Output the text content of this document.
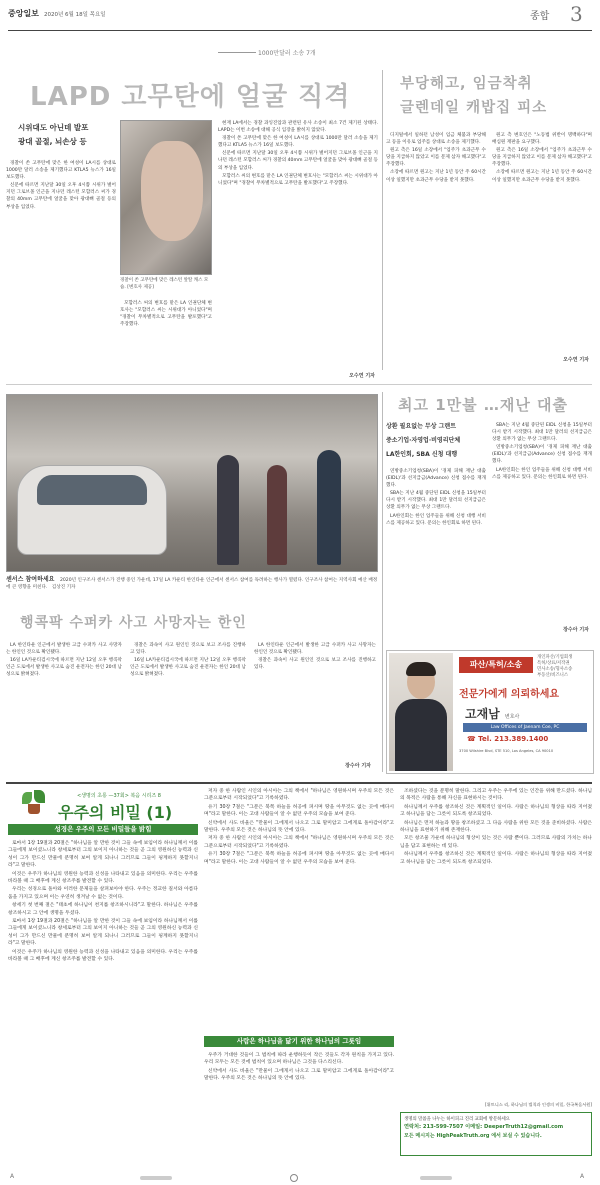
중앙일보 2020년 6월 18일 목요일	종합 3
1000만달러 소송 7개
LAPD 고무탄에 얼굴 직격
시위대도 아닌데 발포
광대 골절, 뇌손상 등

경찰이 쏜 고무탄에 맞은 한 여성이 LA시를 상대로 1000만 달러 소송을 제기했다고 KTLA5 뉴스가 16일 보도했다.

신문에 따르면 지난달 30일 오후 4시쯤 시위가 벌어지던 그로브몰 인근을 지나던 레스턴 모합러스 씨가 경찰의 40mm 고무탄에 얼굴을 맞아 광대뼈 골절 등의 부상을 입었다.

경찰이 쏜 고무탄에 맞은 레스턴 앞딸 캐스 모습. [변호사 제공]

모합러스 씨의 변호를 맡은 LA 인권단체 변호사는 "모합러스 씨는 시위대가 아니었다"며 "경찰이 무차별적으로 고무탄을 발포했다"고 주장했다.

현재 LA에서는 경찰 과잉진압과 관련된 유사 소송이 최소 7건 제기된 상태다. LAPD는 이번 소송에 대해 공식 입장을 밝히지 않았다.

경찰이 쏜 고무탄에 맞은 한 여성이 LA시를 상대로 1000만 달러 소송을 제기했다고 KTLA5 뉴스가 16일 보도했다.

신문에 따르면 지난달 30일 오후 4시쯤 시위가 벌어지던 그로브몰 인근을 지나던 레스턴 모합러스 씨가 경찰의 40mm 고무탄에 얼굴을 맞아 광대뼈 골절 등의 부상을 입었다.

모합러스 씨의 변호를 맡은 LA 인권단체 변호사는 "모합러스 씨는 시위대가 아니었다"며 "경찰이 무차별적으로 고무탄을 발포했다"고 주장했다.

오수연 기자
부당해고, 임금착취
글렌데일 캐밥집 피소

디지털에서 일하던 남성이 임금 체불과 부당해고 등을 이유로 업주를 상대로 소송을 제기했다.

원고 측은 16일 소장에서 "업주가 초과근무 수당을 지급하지 않았고 이를 문제 삼자 해고했다"고 주장했다.

소장에 따르면 원고는 지난 1년 동안 주 60시간 이상 일했지만 초과근무 수당을 받지 못했다.

원고 측 변호인은 "노동법 위반이 명백하다"며 배심원 재판을 요구했다.

원고 측은 16일 소장에서 "업주가 초과근무 수당을 지급하지 않았고 이를 문제 삼자 해고했다"고 주장했다.

소장에 따르면 원고는 지난 1년 동안 주 60시간 이상 일했지만 초과근무 수당을 받지 못했다.

오수연 기자
센서스 참여하세요 2020년 인구조사 센서스가 진행 중인 가운데, 17일 LA 카운티 한인타운 인근에서 센서스 참여를 독려하는 행사가 열렸다. 인구조사 참여는 지역사회 예산 배정에 큰 영향을 미친다. 김상진 기자
행콕팍 수퍼카 사고 사망자는 한인

LA 한인타운 인근에서 발생한 고급 수퍼카 사고 사망자는 한인인 것으로 확인됐다.

16일 LA카운티검시국에 따르면 지난 12일 오후 행콕팍 인근 도로에서 발생한 사고로 숨진 운전자는 한인 20대 남성으로 밝혀졌다.

경찰은 과속이 사고 원인인 것으로 보고 조사를 진행하고 있다.

16일 LA카운티검시국에 따르면 지난 12일 오후 행콕팍 인근 도로에서 발생한 사고로 숨진 운전자는 한인 20대 남성으로 밝혀졌다.

LA 한인타운 인근에서 발생한 고급 수퍼카 사고 사망자는 한인인 것으로 확인됐다.

경찰은 과속이 사고 원인인 것으로 보고 조사를 진행하고 있다.

장수아 기자
최고 1만불 …재난 대출
상환 필요없는 무상 그랜트
중소기업·자영업·비영리단체
LA한인회, SBA 신청 대행

연방중소기업청(SBA)이 '경제 피해 재난 대출(EIDL)'과 선지급금(Advance) 신청 접수를 재개했다.

SBA는 지난 4월 중단된 EIDL 신청을 15일부터 다시 받기 시작했다. 최대 1만 달러의 선지급금은 상환 의무가 없는 무상 그랜트다.

LA한인회는 한인 업주들을 위해 신청 대행 서비스를 제공하고 있다. 문의는 한인회로 하면 된다.

SBA는 지난 4월 중단된 EIDL 신청을 15일부터 다시 받기 시작했다. 최대 1만 달러의 선지급금은 상환 의무가 없는 무상 그랜트다.

연방중소기업청(SBA)이 '경제 피해 재난 대출(EIDL)'과 선지급금(Advance) 신청 접수를 재개했다.

LA한인회는 한인 업주들을 위해 신청 대행 서비스를 제공하고 있다. 문의는 한인회로 하면 된다.

장수아 기자
파산/특허/소송
개인파산/기업회생
특허/상표/저작권
민사소송/형사소송
부동산/비즈니스
전문가에게 의뢰하세요
고재남 변호사
Law Offices of Jaenam Coe, PC
☎ Tel. 213.389.1400
3700 Wilshire Blvd, STE 510, Los Angeles, CA 90010
<생명의 초롱 —37회> 복음 시리즈 8
우주의 비밀 (1)
성경은 우주의 모든 비밀들을 밝힘

로마서 1장 19절과 20절은 "하나님을 알 만한 것이 그들 속에 보임이라 하나님께서 이를 그들에게 보이셨느니라 창세로부터 그의 보이지 아니하는 것들 곧 그의 영원하신 능력과 신성이 그가 만드신 만물에 분명히 보여 알게 되나니 그러므로 그들이 핑계하지 못할지니라"고 말한다.

이것은 우주가 하나님의 영원한 능력과 신성을 나타내고 있음을 의미한다. 우리는 우주를 바라볼 때 그 배후에 계신 창조주를 발견할 수 있다.

우리는 성경으로 돌아와 이러한 문제들을 살펴보아야 한다. 우주는 정교한 질서와 아름다움을 가지고 있으며 이는 우연히 생겨날 수 없는 것이다.

창세기 첫 번째 절은 "태초에 하나님이 천지를 창조하시니라"고 말한다. 하나님은 우주를 창조하시고 그 안에 생명을 두셨다.

로마서 1장 19절과 20절은 "하나님을 알 만한 것이 그들 속에 보임이라 하나님께서 이를 그들에게 보이셨느니라 창세로부터 그의 보이지 아니하는 것들 곧 그의 영원하신 능력과 신성이 그가 만드신 만물에 분명히 보여 알게 되나니 그러므로 그들이 핑계하지 못할지니라"고 말한다.

이것은 우주가 하나님의 영원한 능력과 신성을 나타내고 있음을 의미한다. 우리는 우주를 바라볼 때 그 배후에 계신 창조주를 발견할 수 있다.

저자 중 한 사람인 시인의 아시아는 그의 책에서 "하나님은 영원하시며 우주의 모든 것은 그분으로부터 시작되었다"고 기록하였다.

유기 30장 7절은 "그분은 북쪽 하늘을 허공에 펴시며 땅을 아무것도 없는 곳에 매다시며"라고 말한다. 이는 고대 사람들이 알 수 없던 우주의 모습을 보여 준다.

신약에서 사도 바울은 "만물이 그에게서 나오고 그로 말미암고 그에게로 돌아감이라"고 말한다. 우주의 모든 것은 하나님의 뜻 안에 있다.

저자 중 한 사람인 시인의 아시아는 그의 책에서 "하나님은 영원하시며 우주의 모든 것은 그분으로부터 시작되었다"고 기록하였다.

유기 30장 7절은 "그분은 북쪽 하늘을 허공에 펴시며 땅을 아무것도 없는 곳에 매다시며"라고 말한다. 이는 고대 사람들이 알 수 없던 우주의 모습을 보여 준다.

사람은 하나님을 닮기 위한 하나님의 그릇임

우주가 거대한 것들이 그 법칙에 따라 운행하듯이 작은 것들도 각자 원칙을 가지고 있다. 우리 모두는 모든 것에 법칙이 있으며 하나님은 그것을 다스리신다.

신약에서 사도 바울은 "만물이 그에게서 나오고 그로 말미암고 그에게로 돌아감이라"고 말한다. 우주의 모든 것은 하나님의 뜻 안에 있다.

조하셨다는 것을 분명히 말한다. 그리고 우주는 우주에 있는 인간을 위해 만드셨다. 하나님의 목적은 사람을 통해 자신을 표현하시는 것이다.

하나님께서 우주를 창조하신 것은 계획적인 일이다. 사람은 하나님의 형상을 따라 지어졌고 하나님을 담는 그릇이 되도록 창조되었다.

하나님은 먼저 하늘과 땅을 창조하셨고 그 다음 사람을 위한 모든 것을 준비하셨다. 사람은 하나님을 표현하기 위해 존재한다.

모든 창조물 가운데 하나님의 형상이 있는 것은 사람 뿐이다. 그러므로 사람의 가치는 하나님을 담고 표현하는 데 있다.

하나님께서 우주를 창조하신 것은 계획적인 일이다. 사람은 하나님의 형상을 따라 지어졌고 하나님을 담는 그릇이 되도록 창조되었다.

[위트니스 리, 하나님의 법칙과 인생의 비밀, 한국복음서원]
생명의 말씀을 나누는 하이피크 진리 교회에 방문하세요
연락처: 213-599-7507 이메일: DeeperTruth12@gmail.com
모든 메시지는 HighPeakTruth.org 에서 보실 수 있습니다.
A	A
